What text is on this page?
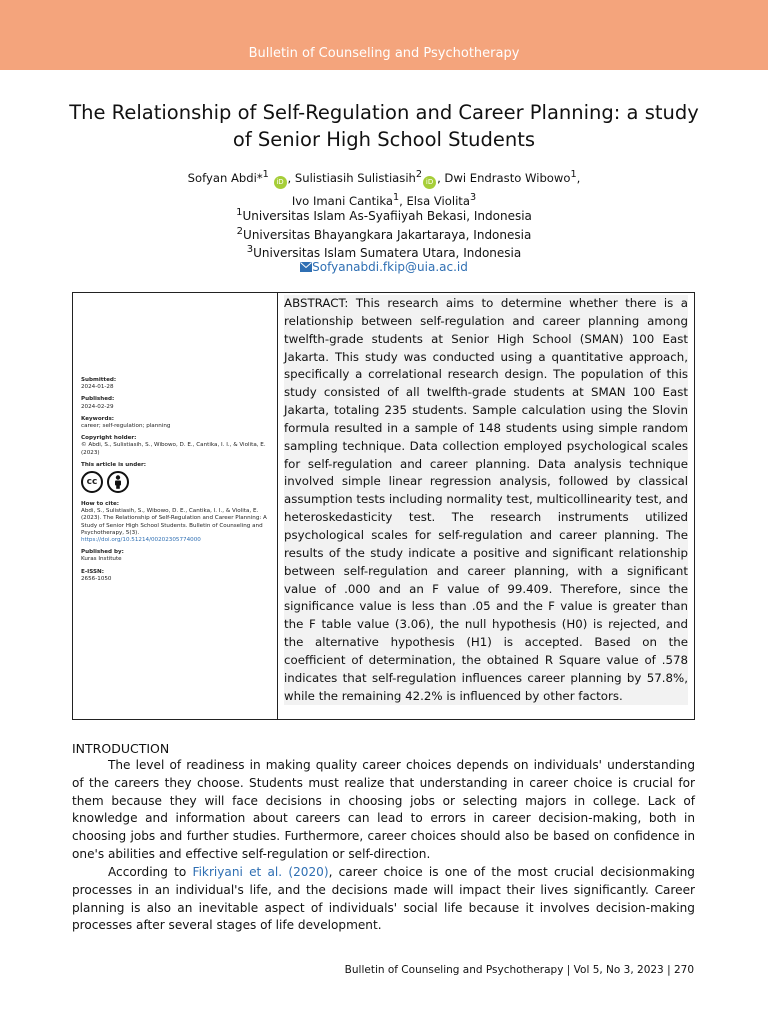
Bulletin of Counseling and Psychotherapy
The Relationship of Self-Regulation and Career Planning: a study
of Senior High School Students
Sofyan Abdi*$^1$ iD , Sulistiasih Sulistiasih$^2$iD , Dwi Endrasto Wibowo$^1$,
Ivo Imani Cantika$^1$, Elsa Violita$^3$
$^1$Universitas Islam As-Syafiiyah Bekasi, Indonesia
$^2$Universitas Bhayangkara Jakartaraya, Indonesia
$^3$Universitas Islam Sumatera Utara, Indonesia
Sofyanabdi.fkip@uia.ac.id
Submitted:
2024-01-28
Published:
2024-02-29
Keywords:
career; self-regulation; planning
Copyright holder:
© Abdi, S., Sulistiasih, S., Wibowo, D. E., Cantika, I. I., & Violita, E. (2023)
This article is under:
cc
How to cite:
Abdi, S., Sulistiasih, S., Wibowo, D. E., Cantika, I. I., & Violita, E. (2023). The Relationship of Self-Regulation and Career Planning: A Study of Senior High School Students. Bulletin of Counseling and Psychotherapy, 5(3).
https://doi.org/10.51214/00202305774000
Published by:
Kuras Institute
E-ISSN:
2656-1050
ABSTRACT: This research aims to determine whether there is a relationship between self-regulation and career planning among twelfth-grade students at Senior High School (SMAN) 100 East Jakarta. This study was conducted using a quantitative approach, specifically a correlational research design. The population of this study consisted of all twelfth-grade students at SMAN 100 East Jakarta, totaling 235 students. Sample calculation using the Slovin formula resulted in a sample of 148 students using simple random sampling technique. Data collection employed psychological scales for self-regulation and career planning. Data analysis technique involved simple linear regression analysis, followed by classical assumption tests including normality test, multicollinearity test, and heteroskedasticity test. The research instruments utilized psychological scales for self-regulation and career planning. The results of the study indicate a positive and significant relationship between self-regulation and career planning, with a significant value of .000 and an F value of 99.409. Therefore, since the significance value is less than .05 and the F value is greater than the F table value (3.06), the null hypothesis (H0) is rejected, and the alternative hypothesis (H1) is accepted. Based on the coefficient of determination, the obtained R Square value of .578 indicates that self-regulation influences career planning by 57.8%, while the remaining 42.2% is influenced by other factors.
INTRODUCTION
The level of readiness in making quality career choices depends on individuals' understanding of the careers they choose. Students must realize that understanding in career choice is crucial for them because they will face decisions in choosing jobs or selecting majors in college. Lack of knowledge and information about careers can lead to errors in career decision-making, both in choosing jobs and further studies. Furthermore, career choices should also be based on confidence in one's abilities and effective self-regulation or self-direction.
According to Fikriyani et al. (2020), career choice is one of the most crucial decisionmaking processes in an individual's life, and the decisions made will impact their lives significantly. Career planning is also an inevitable aspect of individuals' social life because it involves decision-making processes after several stages of life development.
Bulletin of Counseling and Psychotherapy | Vol 5, No 3, 2023 | 270
